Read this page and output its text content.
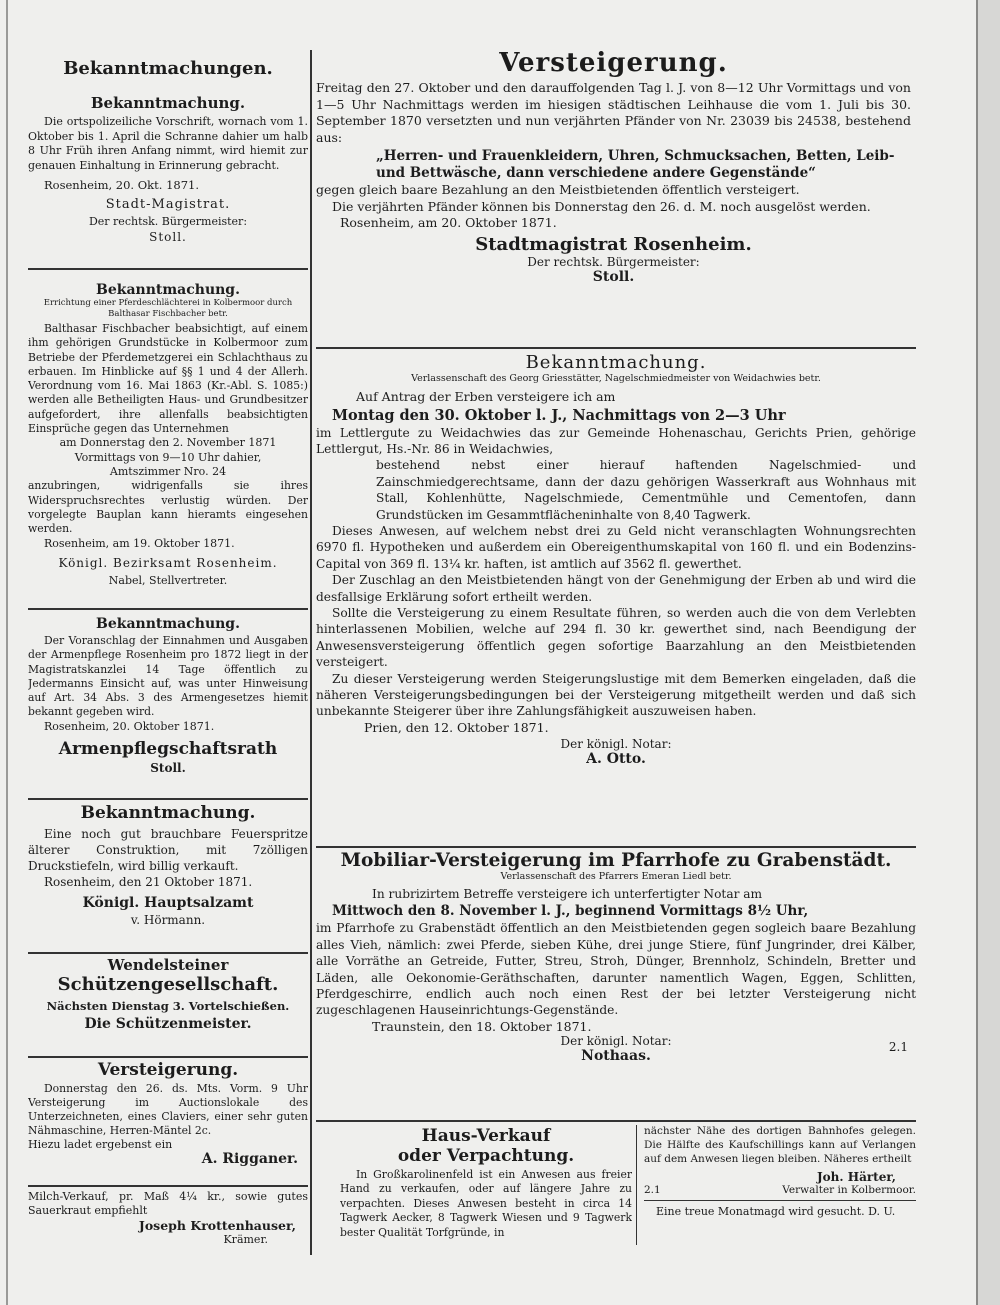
Bekanntmachungen.
Bekanntmachung.
Die ortspolizeiliche Vorschrift, wornach vom 1. Oktober bis 1. April die Schranne dahier um halb 8 Uhr Früh ihren Anfang nimmt, wird hiemit zur genauen Einhaltung in Erinnerung gebracht.
Rosenheim, 20. Okt. 1871.
Stadt-Magistrat.
Der rechtsk. Bürgermeister:
Stoll.
Bekanntmachung.
Errichtung einer Pferdeschlächterei in Kolbermoor durch Balthasar Fischbacher betr.
Balthasar Fischbacher beabsichtigt, auf einem ihm gehörigen Grundstücke in Kolbermoor zum Betriebe der Pferdemetzgerei ein Schlachthaus zu erbauen. Im Hinblicke auf §§ 1 und 4 der Allerh. Verordnung vom 16. Mai 1863 (Kr.-Abl. S. 1085:) werden alle Betheiligten Haus- und Grundbesitzer aufgefordert, ihre allenfalls beabsichtigten Einsprüche gegen das Unternehmen
am Donnerstag den 2. November 1871
Vormittags von 9—10 Uhr dahier,
Amtszimmer Nro. 24
anzubringen, widrigenfalls sie ihres Widerspruchsrechtes verlustig würden. Der vorgelegte Bauplan kann hieramts eingesehen werden.
Rosenheim, am 19. Oktober 1871.
Königl. Bezirksamt Rosenheim.
Nabel, Stellvertreter.
Bekanntmachung.
Der Voranschlag der Einnahmen und Ausgaben der Armenpflege Rosenheim pro 1872 liegt in der Magistratskanzlei 14 Tage öffentlich zu Jedermanns Einsicht auf, was unter Hinweisung auf Art. 34 Abs. 3 des Armengesetzes hiemit bekannt gegeben wird.
Rosenheim, 20. Oktober 1871.
Armenpflegschaftsrath
Stoll.
Bekanntmachung.
Eine noch gut brauchbare Feuerspritze älterer Construktion, mit 7zölligen Druckstiefeln, wird billig verkauft.
Rosenheim, den 21 Oktober 1871.
Königl. Hauptsalzamt
v. Hörmann.
Wendelsteiner
Schützengesellschaft.
Nächsten Dienstag 3. Vortelschießen.
Die Schützenmeister.
Versteigerung.
Donnerstag den 26. ds. Mts. Vorm. 9 Uhr Versteigerung im Auctionslokale des Unterzeichneten, eines Claviers, einer sehr guten Nähmaschine, Herren-Mäntel 2c.
Hiezu ladet ergebenst ein
A. Rigganer.
Milch-Verkauf, pr. Maß 4¼ kr., sowie gutes Sauerkraut empfiehlt
Joseph Krottenhauser,
Krämer.
Versteigerung.
Freitag den 27. Oktober und den darauffolgenden Tag l. J. von 8—12 Uhr Vormittags und von 1—5 Uhr Nachmittags werden im hiesigen städtischen Leihhause die vom 1. Juli bis 30. September 1870 versetzten und nun verjährten Pfänder von Nr. 23039 bis 24538, bestehend aus:
„Herren- und Frauenkleidern, Uhren, Schmucksachen, Betten, Leib- und Bettwäsche, dann verschiedene andere Gegenstände“
gegen gleich baare Bezahlung an den Meistbietenden öffentlich versteigert.
Die verjährten Pfänder können bis Donnerstag den 26. d. M. noch ausgelöst werden.
Rosenheim, am 20. Oktober 1871.
Stadtmagistrat Rosenheim.
Der rechtsk. Bürgermeister:
Stoll.
Bekanntmachung.
Verlassenschaft des Georg Griesstätter, Nagelschmiedmeister von Weidachwies betr.
Auf Antrag der Erben versteigere ich am
Montag den 30. Oktober l. J., Nachmittags von 2—3 Uhr
im Lettlergute zu Weidachwies das zur Gemeinde Hohenaschau, Gerichts Prien, gehörige Lettlergut, Hs.-Nr. 86 in Weidachwies,
bestehend nebst einer hierauf haftenden Nagelschmied- und Zainschmiedgerechtsame, dann der dazu gehörigen Wasserkraft aus Wohnhaus mit Stall, Kohlenhütte, Nagelschmiede, Cementmühle und Cementofen, dann Grundstücken im Gesammtflächeninhalte von 8,40 Tagwerk.
Dieses Anwesen, auf welchem nebst drei zu Geld nicht veranschlagten Wohnungsrechten 6970 fl. Hypotheken und außerdem ein Obereigenthumskapital von 160 fl. und ein Bodenzins-Capital von 369 fl. 13¼ kr. haften, ist amtlich auf 3562 fl. gewerthet.
Der Zuschlag an den Meistbietenden hängt von der Genehmigung der Erben ab und wird die desfallsige Erklärung sofort ertheilt werden.
Sollte die Versteigerung zu einem Resultate führen, so werden auch die von dem Verlebten hinterlassenen Mobilien, welche auf 294 fl. 30 kr. gewerthet sind, nach Beendigung der Anwesensversteigerung öffentlich gegen sofortige Baarzahlung an den Meistbietenden versteigert.
Zu dieser Versteigerung werden Steigerungslustige mit dem Bemerken eingeladen, daß die näheren Versteigerungsbedingungen bei der Versteigerung mitgetheilt werden und daß sich unbekannte Steigerer über ihre Zahlungsfähigkeit auszuweisen haben.
Prien, den 12. Oktober 1871.
Der königl. Notar:
A. Otto.
Mobiliar-Versteigerung im Pfarrhofe zu Grabenstädt.
Verlassenschaft des Pfarrers Emeran Liedl betr.
In rubrizirtem Betreffe versteigere ich unterfertigter Notar am
Mittwoch den 8. November l. J., beginnend Vormittags 8½ Uhr,
im Pfarrhofe zu Grabenstädt öffentlich an den Meistbietenden gegen sogleich baare Bezahlung alles Vieh, nämlich: zwei Pferde, sieben Kühe, drei junge Stiere, fünf Jungrinder, drei Kälber, alle Vorräthe an Getreide, Futter, Streu, Stroh, Dünger, Brennholz, Schindeln, Bretter und Läden, alle Oekonomie-Geräthschaften, darunter namentlich Wagen, Eggen, Schlitten, Pferdgeschirre, endlich auch noch einen Rest der bei letzter Versteigerung nicht zugeschlagenen Hauseinrichtungs-Gegenstände.
Traunstein, den 18. Oktober 1871.
Der königl. Notar:
Nothaas.
2.1
Haus-Verkauf
oder Verpachtung.
In Großkarolinenfeld ist ein Anwesen aus freier Hand zu verkaufen, oder auf längere Jahre zu verpachten. Dieses Anwesen besteht in circa 14 Tagwerk Aecker, 8 Tagwerk Wiesen und 9 Tagwerk bester Qualität Torfgründe, in
nächster Nähe des dortigen Bahnhofes gelegen. Die Hälfte des Kaufschillings kann auf Verlangen auf dem Anwesen liegen bleiben. Näheres ertheilt
Joh. Härter,
2.1	Verwalter in Kolbermoor.
Eine treue Monatmagd wird gesucht. D. U.
